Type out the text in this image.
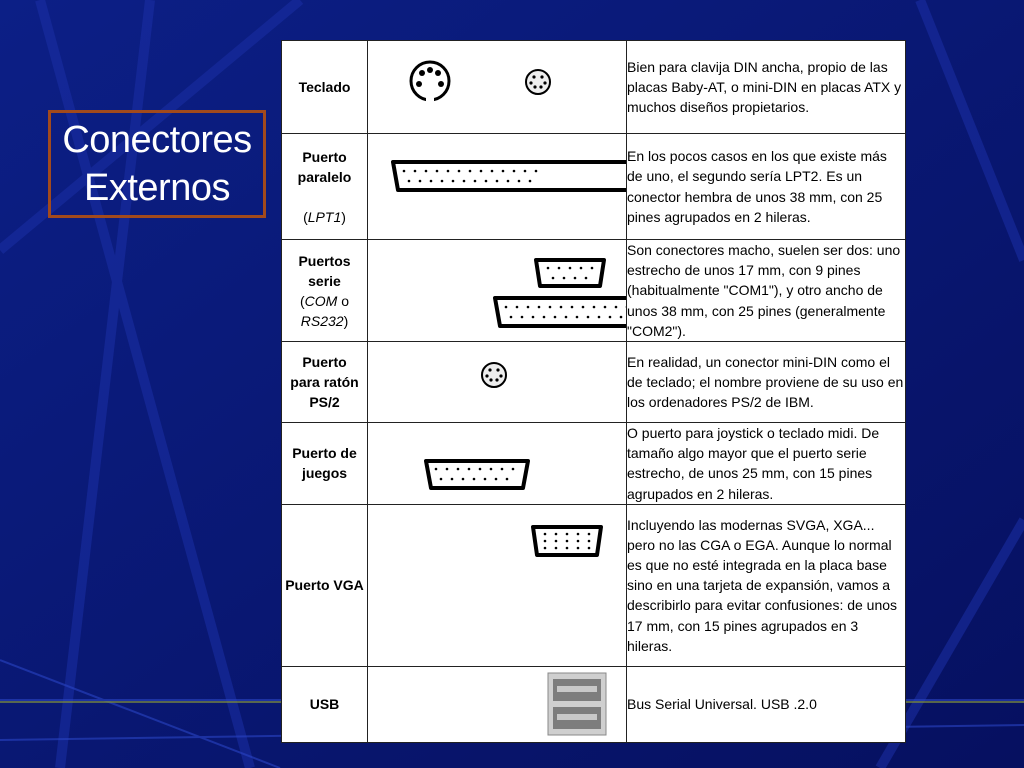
Conectores
Externos
Teclado		Bien para clavija DIN ancha, propio de las placas Baby-AT, o mini-DIN en placas ATX y muchos diseños propietarios.
Puerto paralelo
(LPT1)		En los pocos casos en los que existe más de uno, el segundo sería LPT2. Es un conector hembra de unos 38 mm, con 25 pines agrupados en 2 hileras.
Puertos serie
(COM o
RS232)		Son conectores macho, suelen ser dos: uno estrecho de unos 17 mm, con 9 pines (habitualmente "COM1"), y otro ancho de unos 38 mm, con 25 pines (generalmente "COM2").

Puerto
para ratón
PS/2		En realidad, un conector mini-DIN como el de teclado; el nombre proviene de su uso en los ordenadores PS/2 de IBM.
Puerto de juegos		O puerto para joystick o teclado midi. De tamaño algo mayor que el puerto serie estrecho, de unos 25 mm, con 15 pines agrupados en 2 hileras.
Puerto VGA		Incluyendo las modernas SVGA, XGA... pero no las CGA o EGA. Aunque lo normal es que no esté integrada en la placa base sino en una tarjeta de expansión, vamos a describirlo para evitar confusiones: de unos 17 mm, con 15 pines agrupados en 3 hileras.
USB		Bus Serial Universal. USB .2.0
